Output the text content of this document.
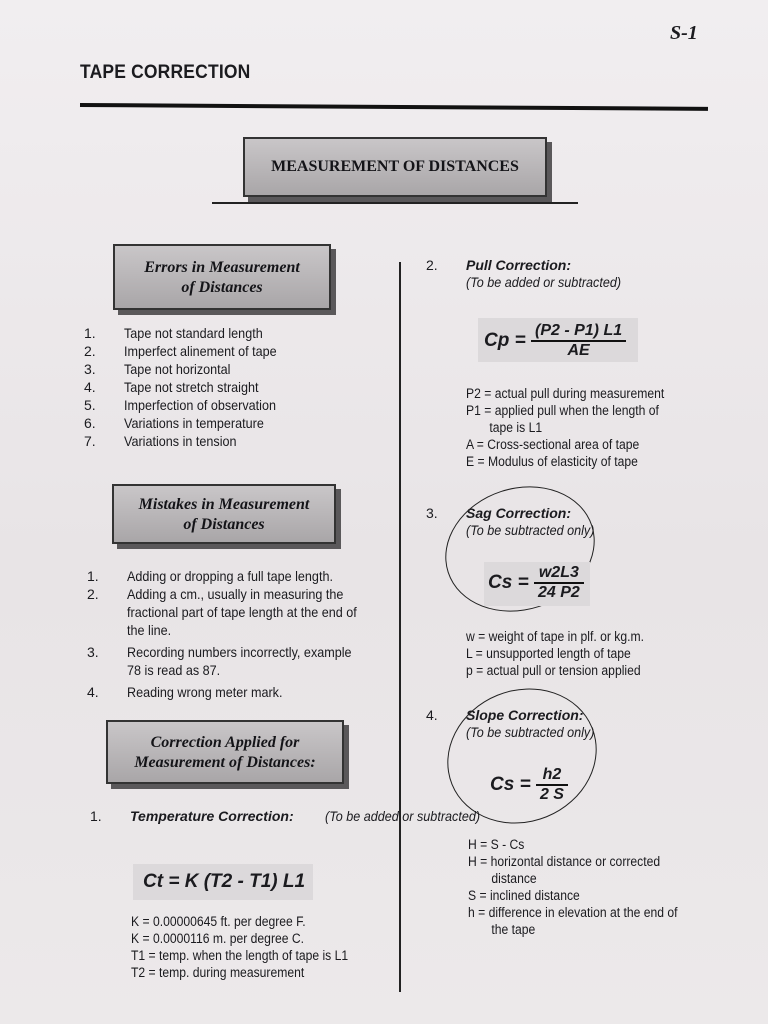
S-1
TAPE CORRECTION
MEASUREMENT OF DISTANCES
Errors in Measurement
of Distances
1.	Tape not standard length
2.	Imperfect alinement of tape
3.	Tape not horizontal
4.	Tape not stretch straight
5.	Imperfection of observation
6.	Variations in temperature
7.	Variations in tension
Mistakes in Measurement
of Distances
1.	Adding or dropping a full tape length.
2.	Adding a cm., usually in measuring the fractional part of tape length at the end of the line.
3.	Recording numbers incorrectly, example 78 is read as 87.
4.	Reading wrong meter mark.
Correction Applied for
Measurement of Distances:
1. Temperature Correction: (To be added or subtracted)
Ct = K (T2 - T1) L1
K = 0.00000645 ft. per degree F.
K = 0.0000116 m. per degree C.
T1 = temp. when the length of tape is L1
T2 = temp. during measurement
2. Pull Correction:
(To be added or subtracted)
$Cp = \frac{(P2 - P1) L1}{AE}$
P2 = actual pull during measurement
P1 = applied pull when the length of
tape is L1
A = Cross-sectional area of tape
E = Modulus of elasticity of tape
3. Sag Correction:
(To be subtracted only)
$Cs = \frac{w2L3}{24 P2}$
w = weight of tape in plf. or kg.m.
L = unsupported length of tape
p = actual pull or tension applied
4. Slope Correction:
(To be subtracted only)
$Cs = \frac{h2}{2 S}$
H = S - Cs
H = horizontal distance or corrected
distance
S = inclined distance
h = difference in elevation at the end of
the tape
